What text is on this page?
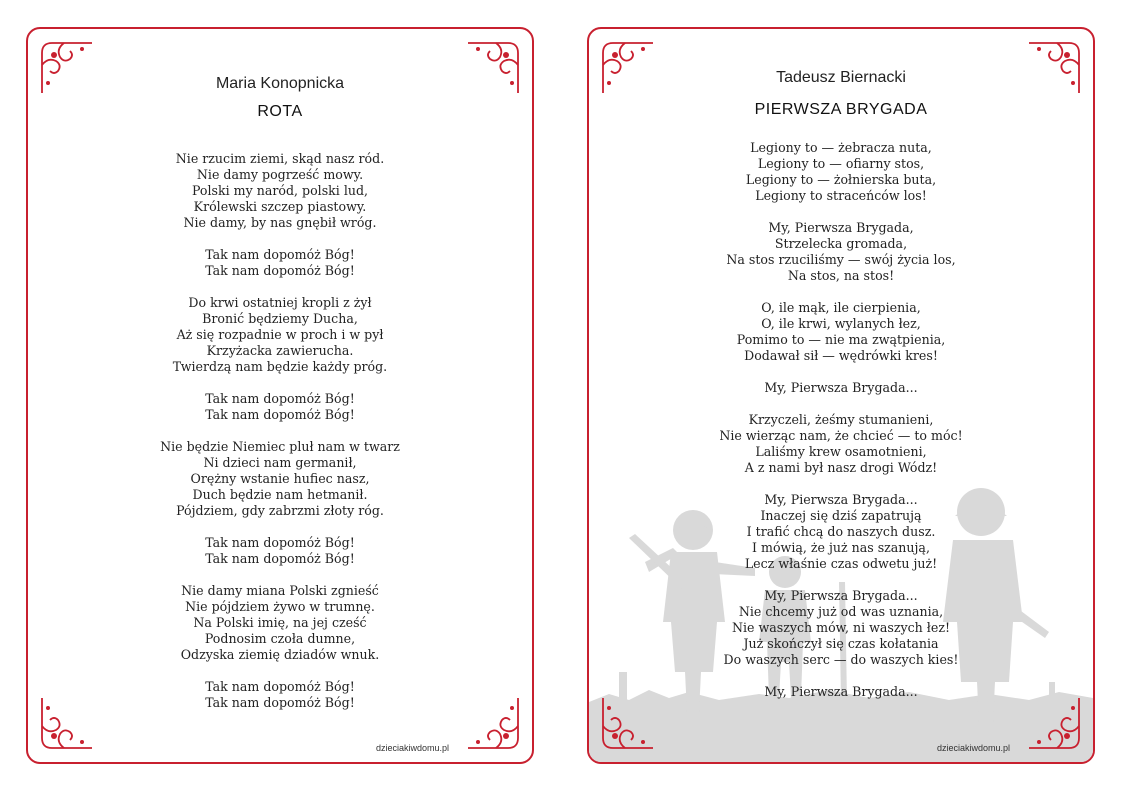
Maria Konopnicka
ROTA
Nie rzucim ziemi, skąd nasz ród.
Nie damy pogrześć mowy.
Polski my naród, polski lud,
Królewski szczep piastowy.
Nie damy, by nas gnębił wróg.
Tak nam dopomóż Bóg!
Tak nam dopomóż Bóg!
Do krwi ostatniej kropli z żył
Bronić będziemy Ducha,
Aż się rozpadnie w proch i w pył
Krzyżacka zawierucha.
Twierdzą nam będzie każdy próg.
Tak nam dopomóż Bóg!
Tak nam dopomóż Bóg!
Nie będzie Niemiec pluł nam w twarz
Ni dzieci nam germanił,
Orężny wstanie hufiec nasz,
Duch będzie nam hetmanił.
Pójdziem, gdy zabrzmi złoty róg.
Tak nam dopomóż Bóg!
Tak nam dopomóż Bóg!
Nie damy miana Polski zgnieść
Nie pójdziem żywo w trumnę.
Na Polski imię, na jej cześć
Podnosim czoła dumne,
Odzyska ziemię dziadów wnuk.
Tak nam dopomóż Bóg!
Tak nam dopomóż Bóg!
dzieciakiwdomu.pl
Tadeusz Biernacki
PIERWSZA BRYGADA
Legiony to — żebracza nuta,
Legiony to — ofiarny stos,
Legiony to — żołnierska buta,
Legiony to straceńców los!
My, Pierwsza Brygada,
Strzelecka gromada,
Na stos rzuciliśmy — swój życia los,
Na stos, na stos!
O, ile mąk, ile cierpienia,
O, ile krwi, wylanych łez,
Pomimo to — nie ma zwątpienia,
Dodawał sił — wędrówki kres!
My, Pierwsza Brygada...
Krzyczeli, żeśmy stumanieni,
Nie wierząc nam, że chcieć — to móc!
Laliśmy krew osamotnieni,
A z nami był nasz drogi Wódz!
My, Pierwsza Brygada...
Inaczej się dziś zapatrują
I trafić chcą do naszych dusz.
I mówią, że już nas szanują,
Lecz właśnie czas odwetu już!
My, Pierwsza Brygada...
Nie chcemy już od was uznania,
Nie waszych mów, ni waszych łez!
Już skończył się czas kołatania
Do waszych serc — do waszych kies!
My, Pierwsza Brygada...
dzieciakiwdomu.pl
